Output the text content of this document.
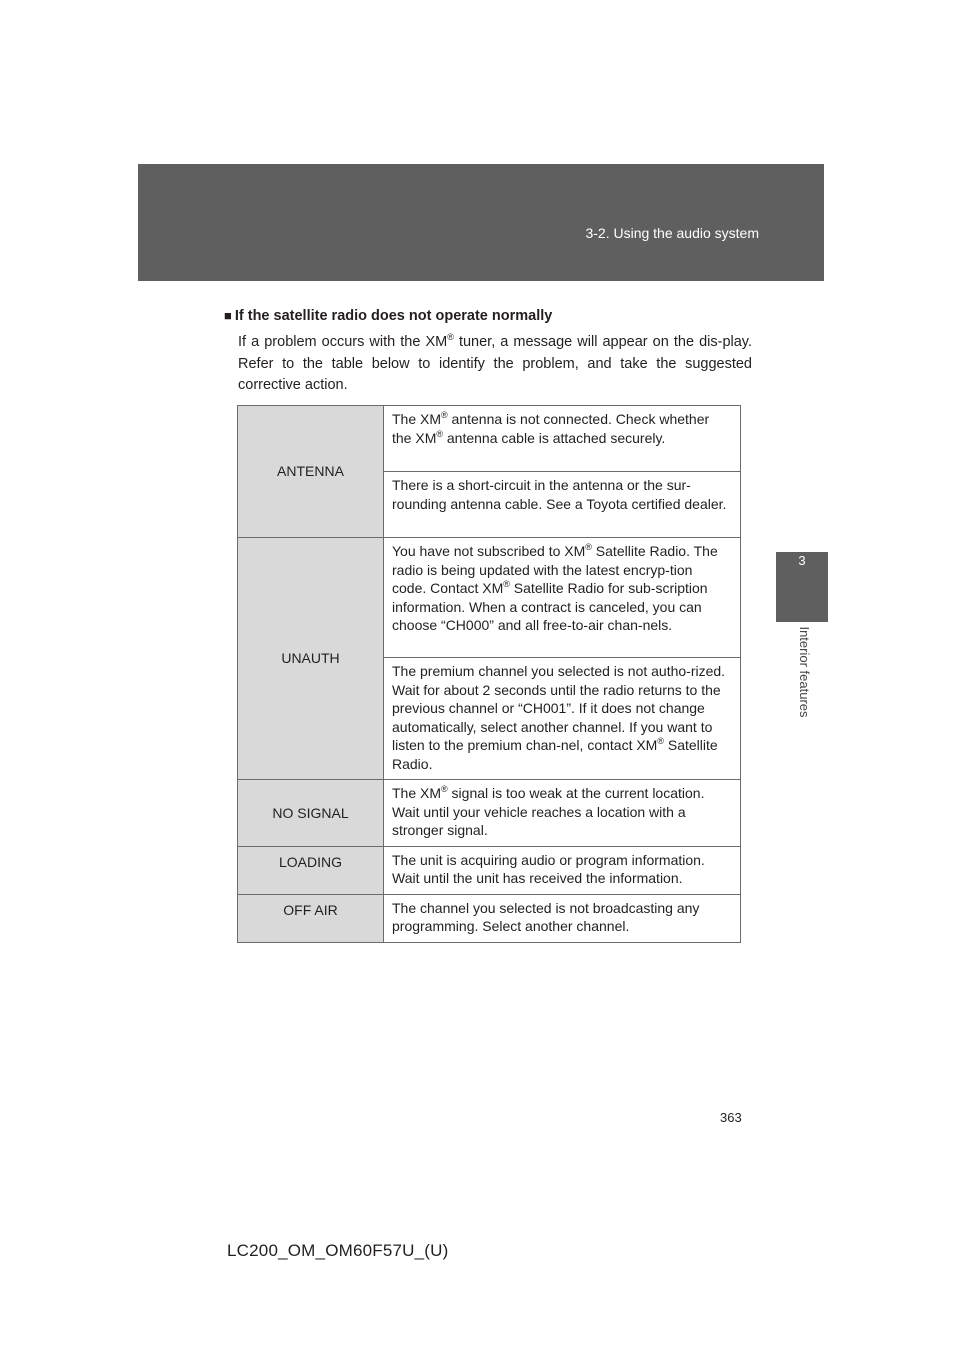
3-2. Using the audio system
3
Interior features
■ If the satellite radio does not operate normally
If a problem occurs with the XM® tuner, a message will appear on the dis-play. Refer to the table below to identify the problem, and take the suggested corrective action.
ANTENNA	The XM® antenna is not connected. Check whether the XM® antenna cable is attached securely.
	There is a short-circuit in the antenna or the sur-rounding antenna cable. See a Toyota certified dealer.
UNAUTH	You have not subscribed to XM® Satellite Radio. The radio is being updated with the latest encryp-tion code. Contact XM® Satellite Radio for sub-scription information. When a contract is canceled, you can choose “CH000” and all free-to-air chan-nels.
	The premium channel you selected is not autho-rized. Wait for about 2 seconds until the radio returns to the previous channel or “CH001”. If it does not change automatically, select another channel. If you want to listen to the premium chan-nel, contact XM® Satellite Radio.
NO SIGNAL	The XM® signal is too weak at the current location. Wait until your vehicle reaches a location with a stronger signal.
LOADING	The unit is acquiring audio or program information. Wait until the unit has received the information.
OFF AIR	The channel you selected is not broadcasting any programming. Select another channel.
363
LC200_OM_OM60F57U_(U)
